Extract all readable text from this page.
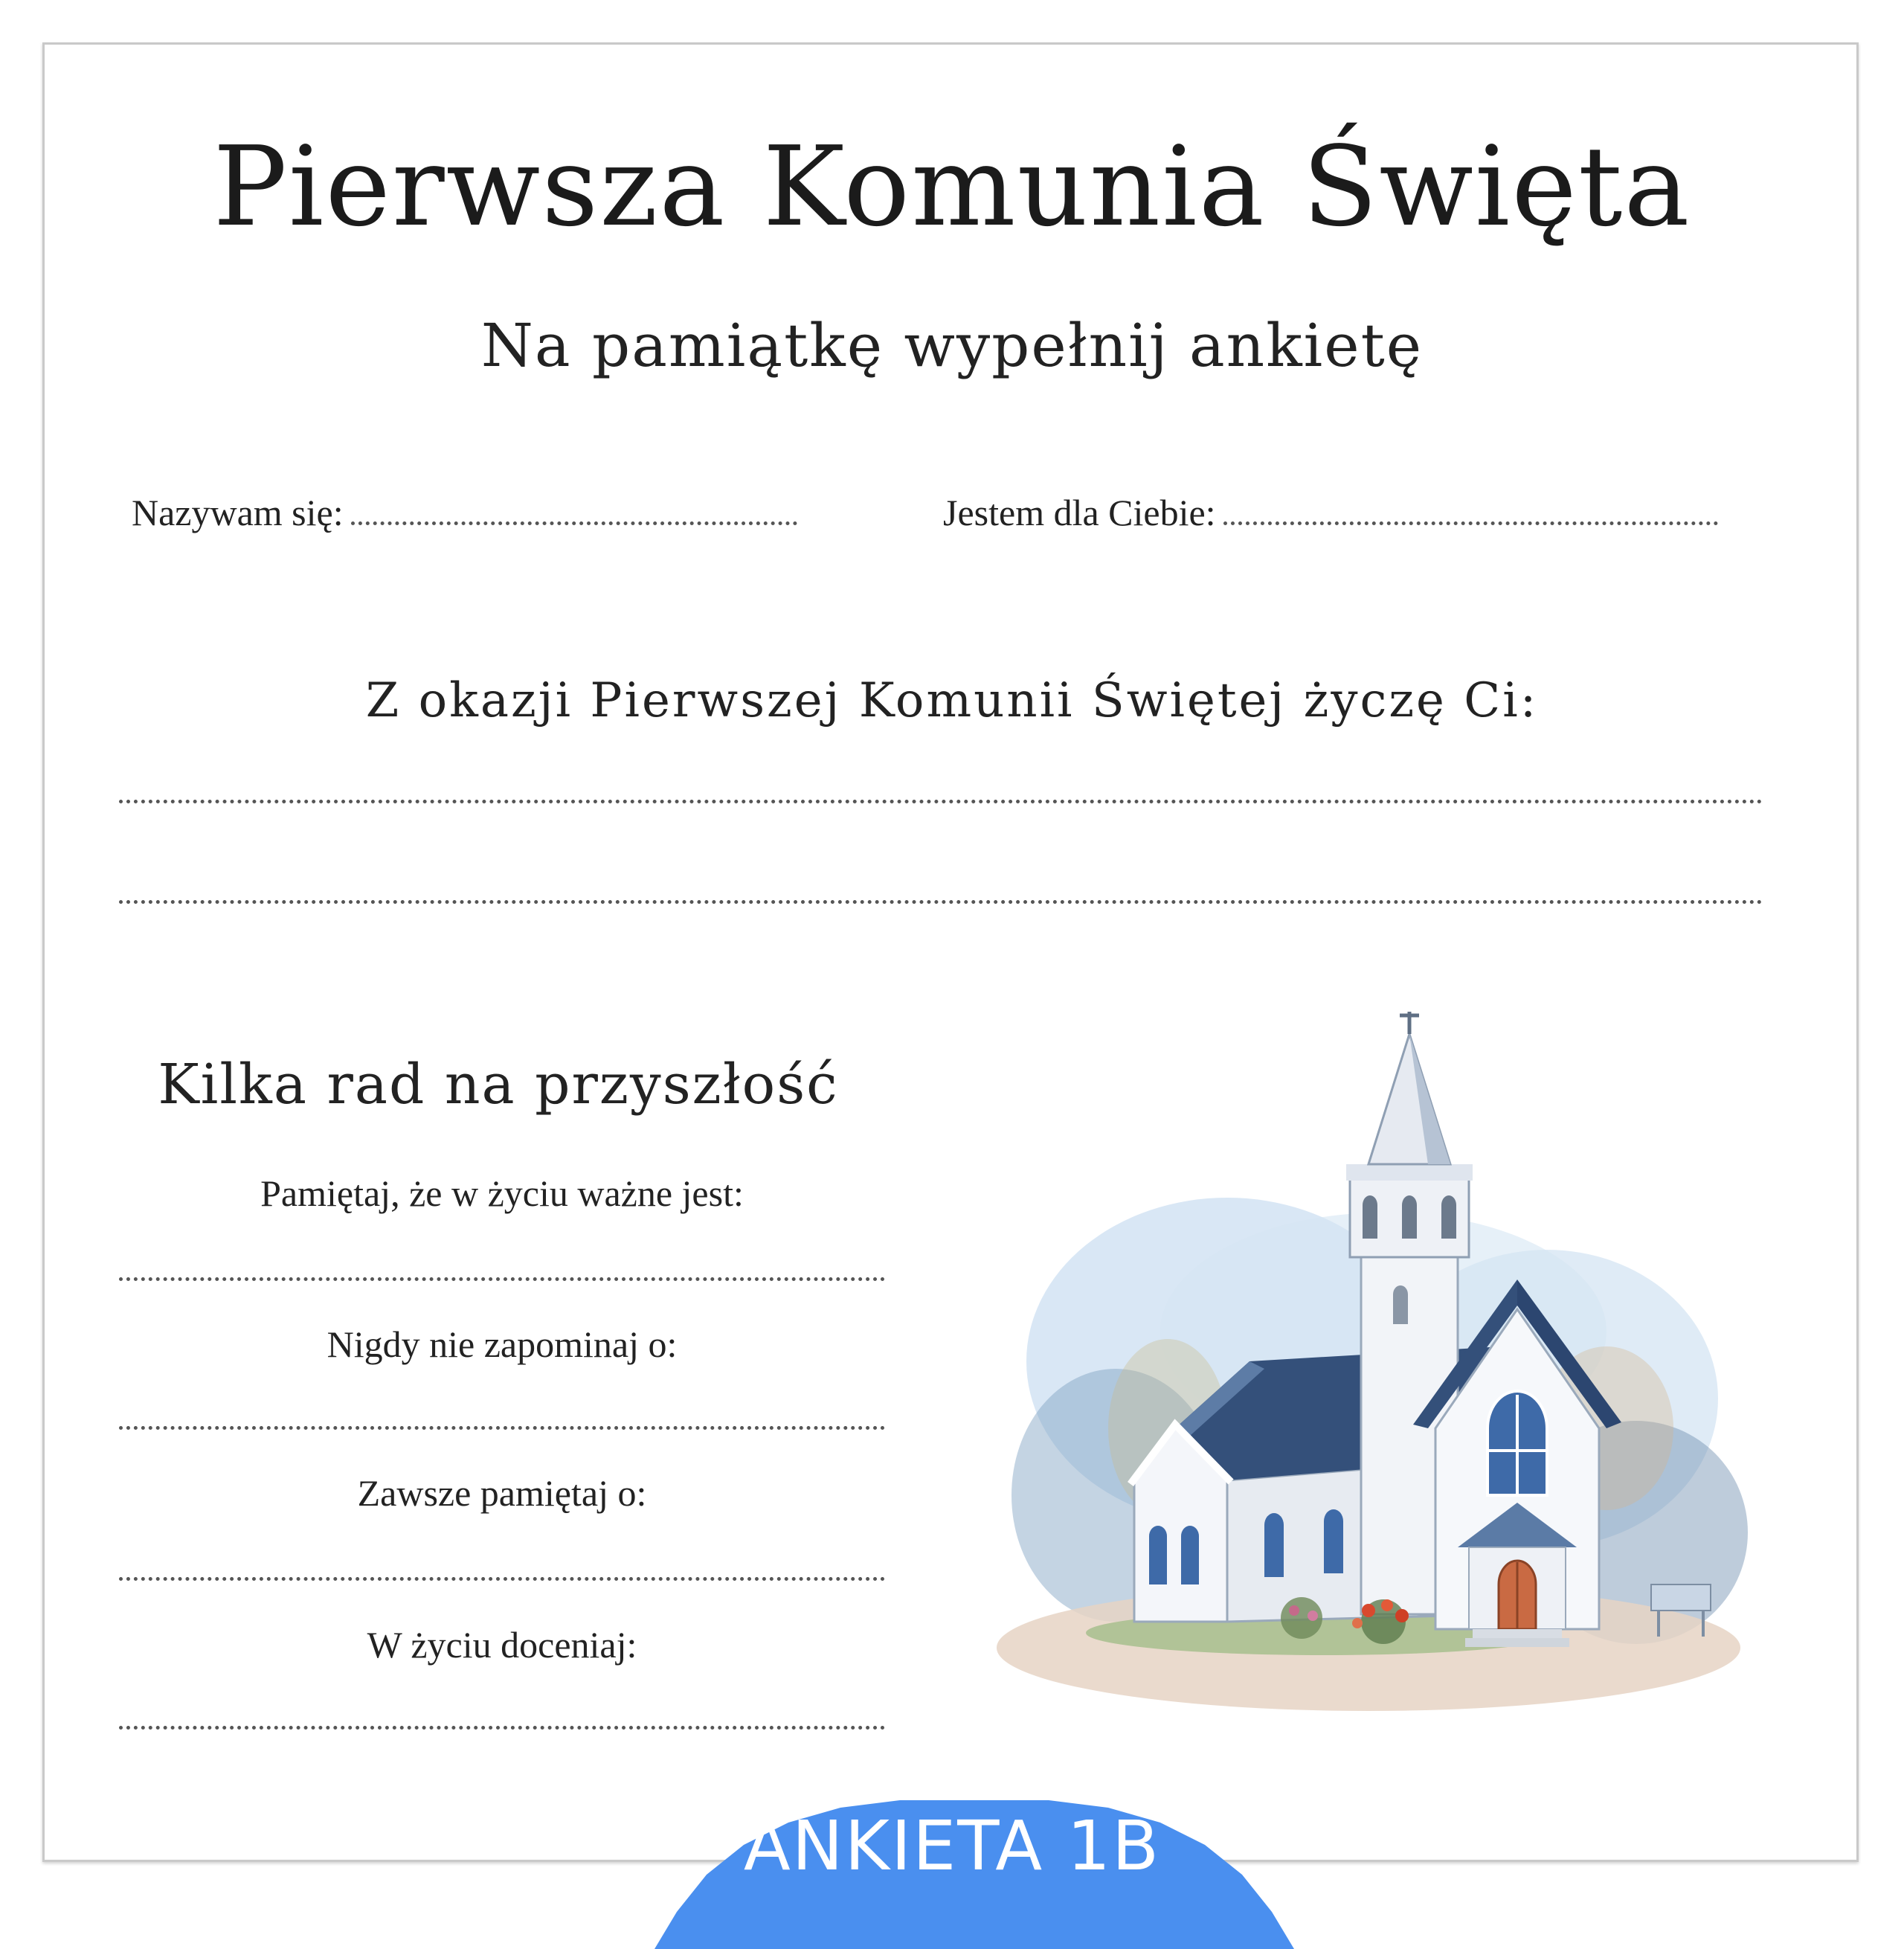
Pierwsza Komunia Święta
Na pamiątkę wypełnij ankietę
Nazywam się:	Jestem dla Ciebie:
Z okazji Pierwszej Komunii Świętej życzę Ci:
Kilka rad na przyszłość
Pamiętaj, że w życiu ważne jest:
Nigdy nie zapominaj o:
Zawsze pamiętaj o:
W życiu doceniaj:
ANKIETA 1B
